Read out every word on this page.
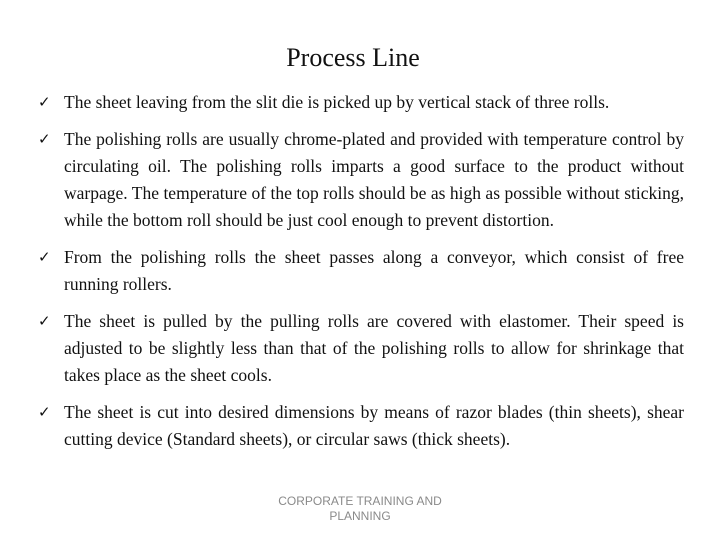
Process Line
✓ The sheet leaving from the slit die is picked up by vertical stack of three rolls.
✓ The polishing rolls are usually chrome-plated and provided with temperature control by circulating oil. The polishing rolls imparts a good surface to the product without warpage. The temperature of the top rolls should be as high as possible without sticking, while the bottom roll should be just cool enough to prevent distortion.
✓ From the polishing rolls the sheet passes along a conveyor, which consist of free running rollers.
✓ The sheet is pulled by the pulling rolls are covered with elastomer. Their speed is adjusted to be slightly less than that of the polishing rolls to allow for shrinkage that takes place as the sheet cools.
✓ The sheet is cut into desired dimensions by means of razor blades (thin sheets), shear cutting device (Standard sheets), or circular saws (thick sheets).
CORPORATE TRAINING AND
PLANNING
